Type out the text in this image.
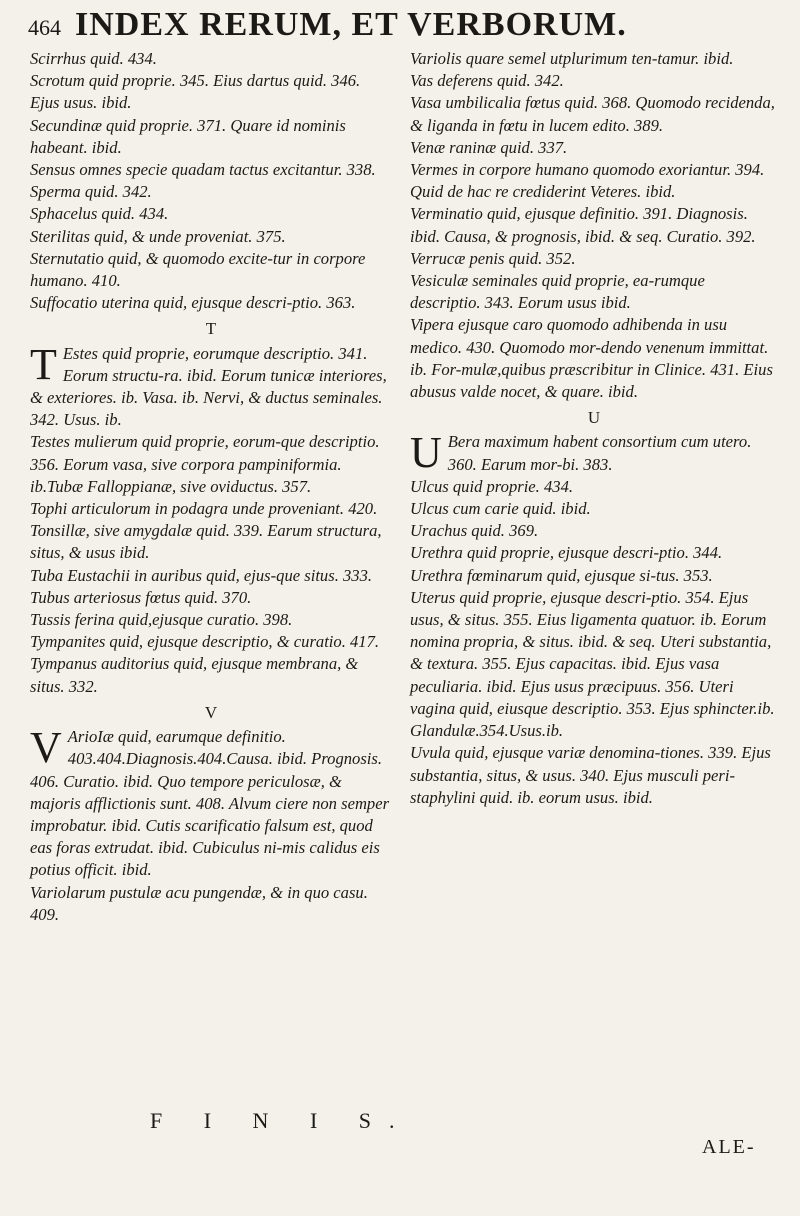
464 INDEX RERUM, ET VERBORUM.

Scirrhus quid. 434.

Scrotum quid proprie. 345. Eius dartus quid. 346. Ejus usus. ibid.

Secundinæ quid proprie. 371. Quare id nominis habeant. ibid.

Sensus omnes specie quadam tactus excitantur. 338.

Sperma quid. 342.

Sphacelus quid. 434.

Sterilitas quid, & unde proveniat. 375.

Sternutatio quid, & quomodo excite-tur in corpore humano. 410.

Suffocatio uterina quid, ejusque descri-ptio. 363.

T

T Estes quid proprie, eorumque descriptio. 341. Eorum structu-ra. ibid. Eorum tunicæ interiores, & exteriores. ib. Vasa. ib. Nervi, & ductus seminales. 342. Usus. ib.

Testes mulierum quid proprie, eorum-que descriptio. 356. Eorum vasa, sive corpora pampiniformia. ib.Tubæ Falloppianæ, sive oviductus. 357.

Tophi articulorum in podagra unde proveniant. 420.

Tonsillæ, sive amygdalæ quid. 339. Earum structura, situs, & usus ibid.

Tuba Eustachii in auribus quid, ejus-que situs. 333.

Tubus arteriosus fœtus quid. 370.

Tussis ferina quid,ejusque curatio. 398.

Tympanites quid, ejusque descriptio, & curatio. 417.

Tympanus auditorius quid, ejusque membrana, & situs. 332.

V

V ArioIæ quid, earumque definitio. 403.404.Diagnosis.404.Causa. ibid. Prognosis. 406. Curatio. ibid. Quo tempore periculosæ, & majoris afflictionis sunt. 408. Alvum ciere non semper improbatur. ibid. Cutis scarificatio falsum est, quod eas foras extrudat. ibid. Cubiculus ni-mis calidus eis potius officit. ibid.

Variolarum pustulæ acu pungendæ, & in quo casu. 409.

Variolis quare semel utplurimum ten-tamur. ibid.

Vas deferens quid. 342.

Vasa umbilicalia fœtus quid. 368. Quomodo recidenda, & liganda in fœtu in lucem edito. 389.

Venæ raninæ quid. 337.

Vermes in corpore humano quomodo exoriantur. 394. Quid de hac re crediderint Veteres. ibid.

Verminatio quid, ejusque definitio. 391. Diagnosis. ibid. Causa, & prognosis, ibid. & seq. Curatio. 392.

Verrucæ penis quid. 352.

Vesiculæ seminales quid proprie, ea-rumque descriptio. 343. Eorum usus ibid.

Vipera ejusque caro quomodo adhibenda in usu medico. 430. Quomodo mor-dendo venenum immittat. ib. For-mulæ,quibus præscribitur in Clinice. 431. Eius abusus valde nocet, & quare. ibid.

U

U Bera maximum habent consortium cum utero. 360. Earum mor-bi. 383.

Ulcus quid proprie. 434.

Ulcus cum carie quid. ibid.

Urachus quid. 369.

Urethra quid proprie, ejusque descri-ptio. 344.

Urethra fœminarum quid, ejusque si-tus. 353.

Uterus quid proprie, ejusque descri-ptio. 354. Ejus usus, & situs. 355. Eius ligamenta quatuor. ib. Eorum nomina propria, & situs. ibid. & seq. Uteri substantia, & textura. 355. Ejus capacitas. ibid. Ejus vasa peculiaria. ibid. Ejus usus præcipuus. 356. Uteri vagina quid, eiusque descriptio. 353. Ejus sphincter.ib. Glandulæ.354.Usus.ib.

Uvula quid, ejusque variæ denomina-tiones. 339. Ejus substantia, situs, & usus. 340. Ejus musculi peri-staphylini quid. ib. eorum usus. ibid.

F I N I S.
ALE-
